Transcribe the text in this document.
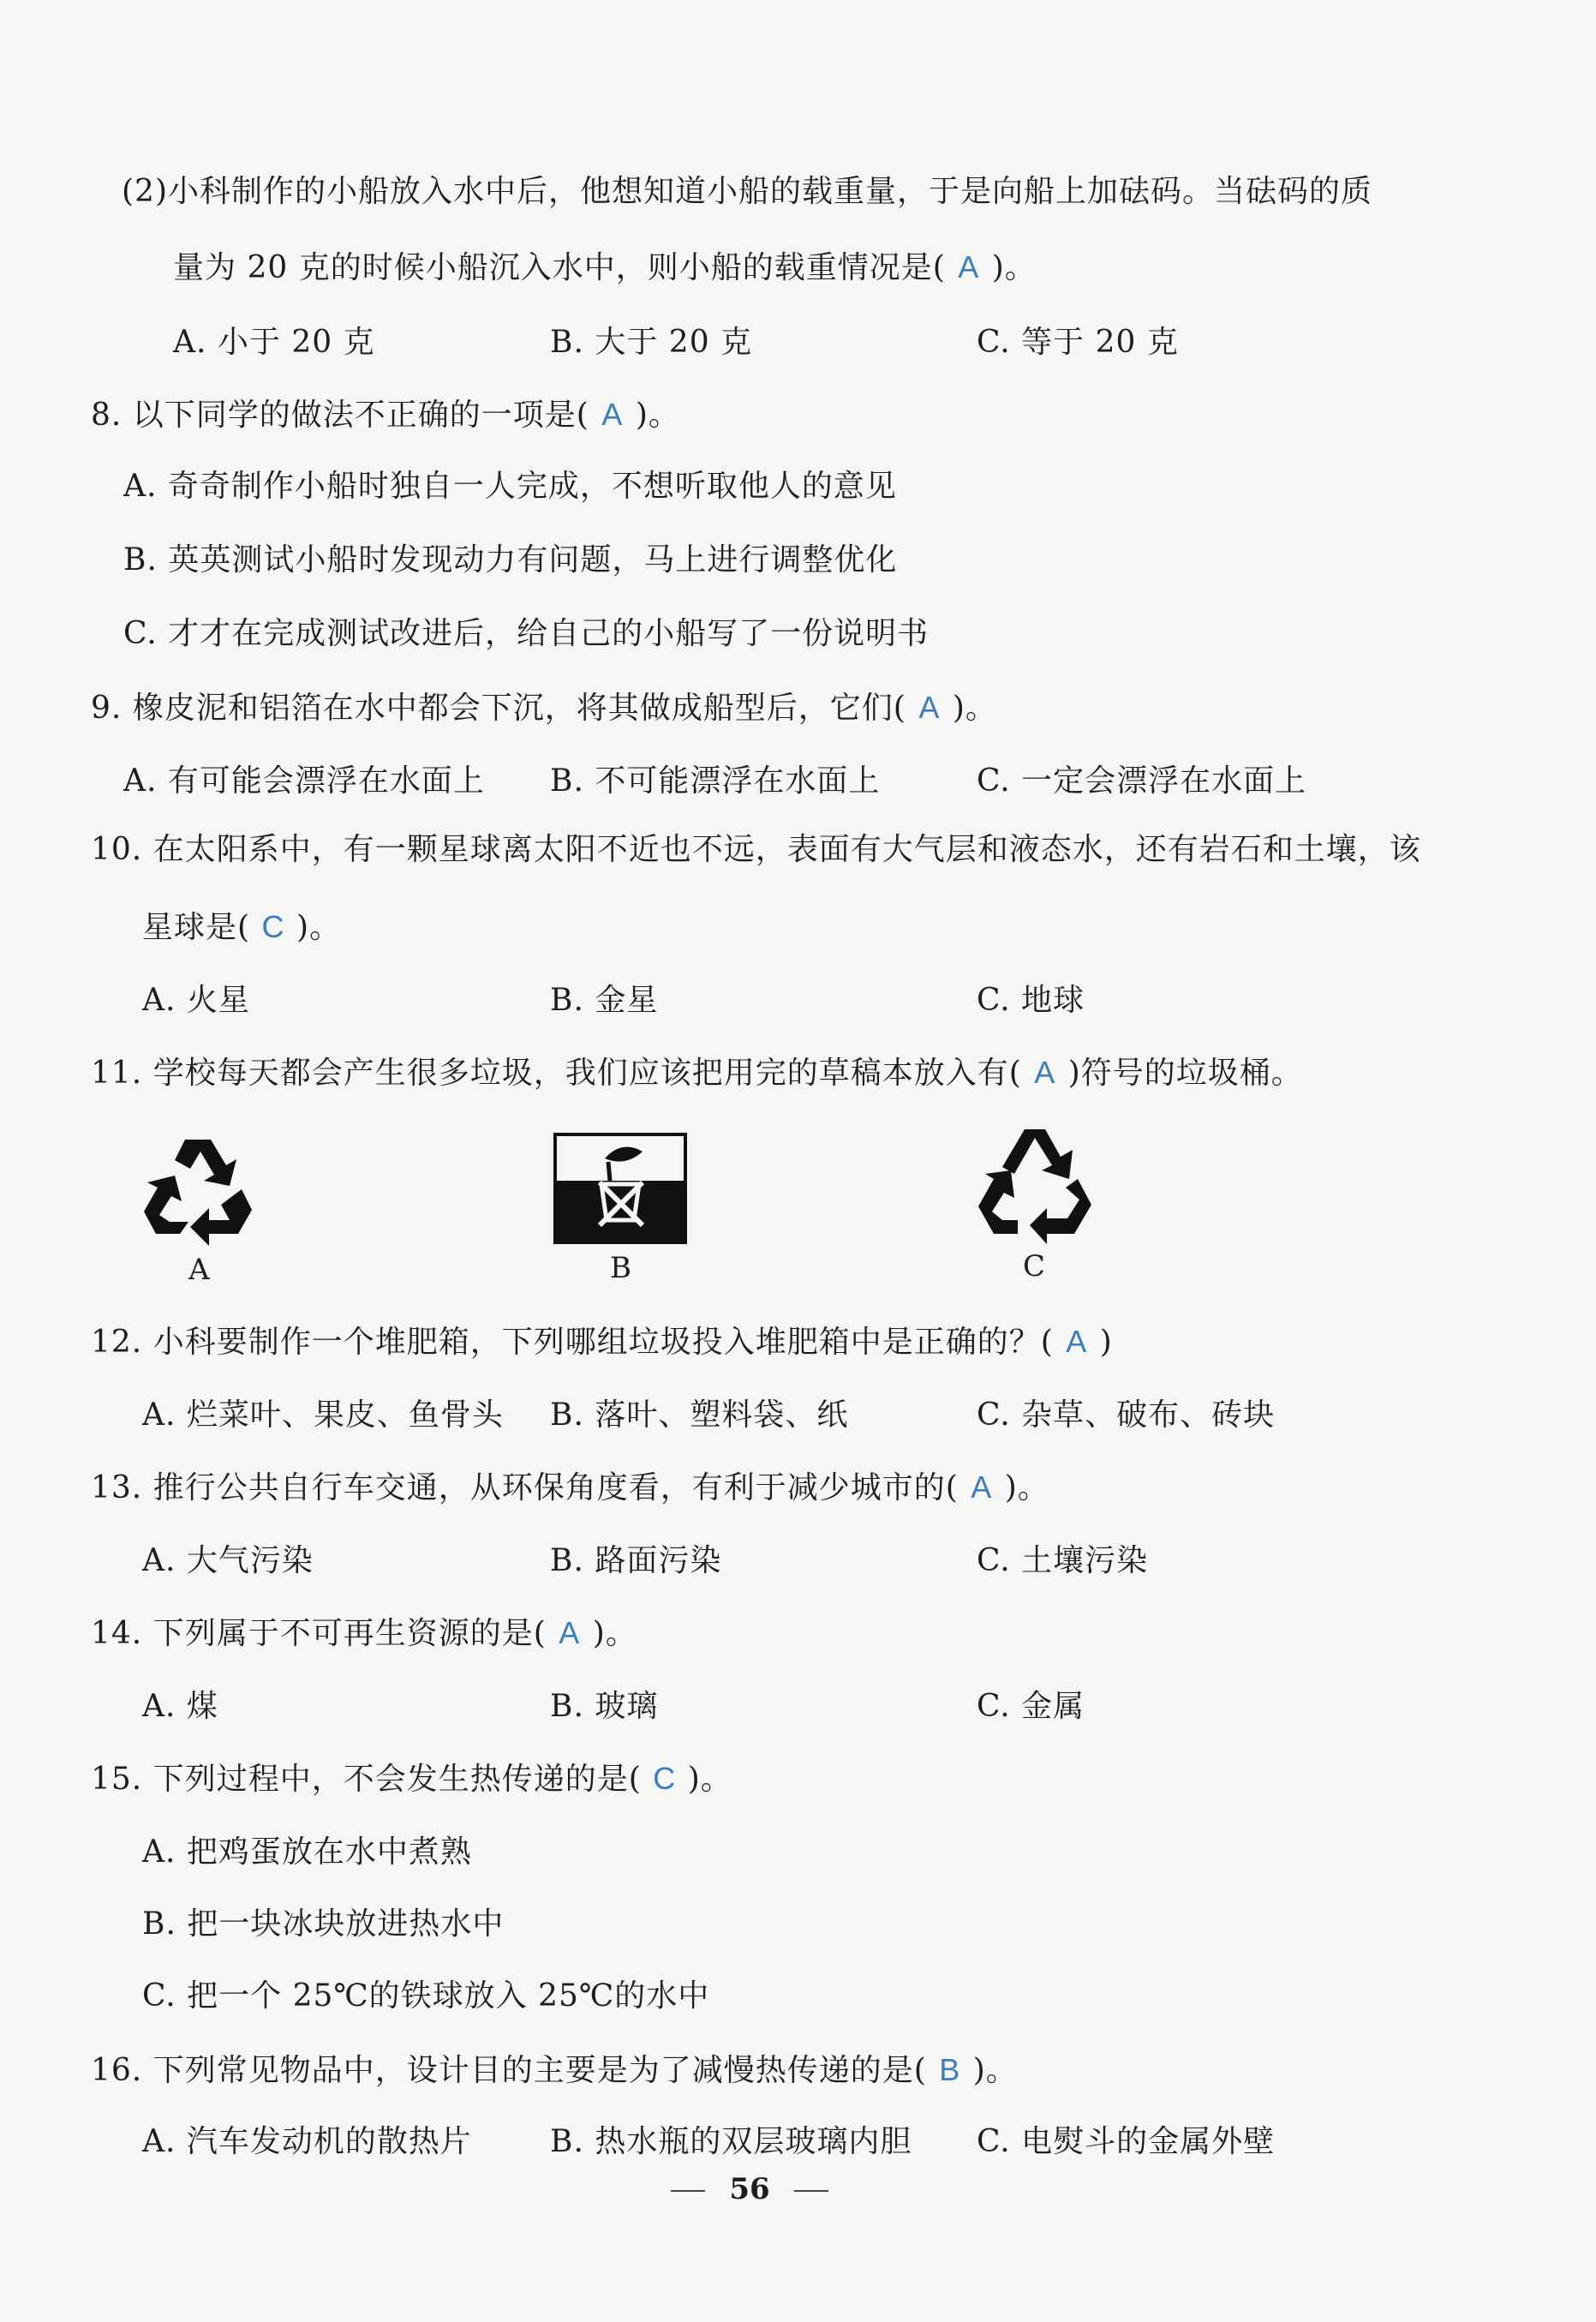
(2)小科制作的小船放入水中后，他想知道小船的载重量，于是向船上加砝码。当砝码的质
量为 20 克的时候小船沉入水中，则小船的载重情况是( A )。
A. 小于 20 克	B. 大于 20 克	C. 等于 20 克
8. 以下同学的做法不正确的一项是( A )。
A. 奇奇制作小船时独自一人完成，不想听取他人的意见
B. 英英测试小船时发现动力有问题，马上进行调整优化
C. 才才在完成测试改进后，给自己的小船写了一份说明书
9. 橡皮泥和铝箔在水中都会下沉，将其做成船型后，它们( A )。
A. 有可能会漂浮在水面上 B. 不可能漂浮在水面上	C. 一定会漂浮在水面上
10. 在太阳系中，有一颗星球离太阳不近也不远，表面有大气层和液态水，还有岩石和土壤，该
星球是( C )。
A. 火星	B. 金星	C. 地球
11. 学校每天都会产生很多垃圾，我们应该把用完的草稿本放入有( A )符号的垃圾桶。
A	B	C
12. 小科要制作一个堆肥箱，下列哪组垃圾投入堆肥箱中是正确的？( A )
A. 烂菜叶、果皮、鱼骨头 B. 落叶、塑料袋、纸	C. 杂草、破布、砖块
13. 推行公共自行车交通，从环保角度看，有利于减少城市的( A )。
A. 大气污染	B. 路面污染	C. 土壤污染
14. 下列属于不可再生资源的是( A )。
A. 煤	B. 玻璃	C. 金属
15. 下列过程中，不会发生热传递的是( C )。
A. 把鸡蛋放在水中煮熟
B. 把一块冰块放进热水中
C. 把一个 25℃的铁球放入 25℃的水中
16. 下列常见物品中，设计目的主要是为了减慢热传递的是( B )。
A. 汽车发动机的散热片	B. 热水瓶的双层玻璃内胆 C. 电熨斗的金属外壁
56
